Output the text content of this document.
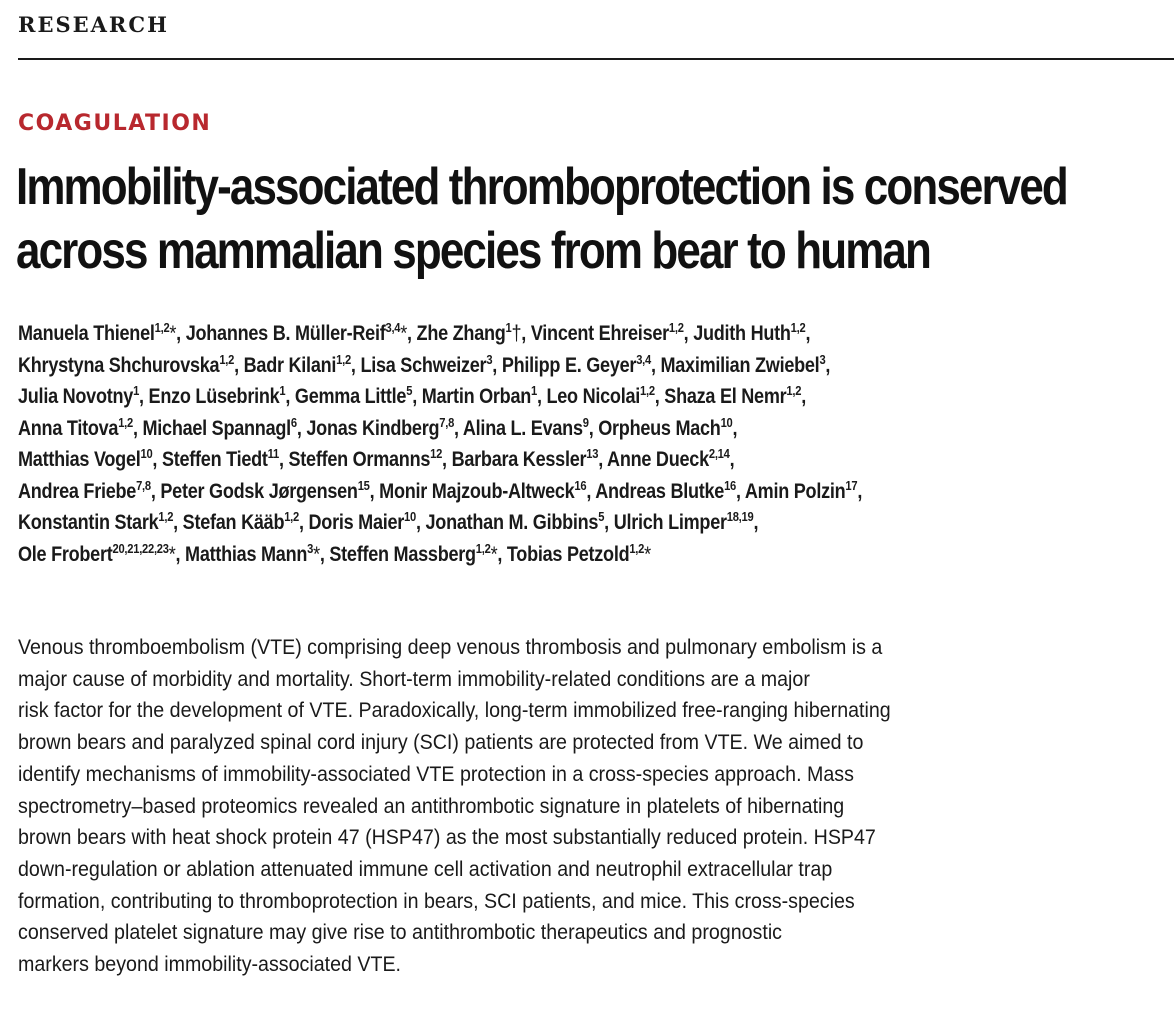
RESEARCH
COAGULATION
Immobility-associated thromboprotection is conserved
across mammalian species from bear to human
Manuela Thienel$^{1,2}$*, Johannes B. Müller-Reif$^{3,4}$*, Zhe Zhang$^1$†, Vincent Ehreiser$^{1,2}$, Judith Huth$^{1,2}$,
Khrystyna Shchurovska$^{1,2}$, Badr Kilani$^{1,2}$, Lisa Schweizer$^3$, Philipp E. Geyer$^{3,4}$, Maximilian Zwiebel$^3$,
Julia Novotny$^1$, Enzo Lüsebrink$^1$, Gemma Little$^5$, Martin Orban$^1$, Leo Nicolai$^{1,2}$, Shaza El Nemr$^{1,2}$,
Anna Titova$^{1,2}$, Michael Spannagl$^6$, Jonas Kindberg$^{7,8}$, Alina L. Evans$^9$, Orpheus Mach$^{10}$,
Matthias Vogel$^{10}$, Steffen Tiedt$^{11}$, Steffen Ormanns$^{12}$, Barbara Kessler$^{13}$, Anne Dueck$^{2,14}$,
Andrea Friebe$^{7,8}$, Peter Godsk Jørgensen$^{15}$, Monir Majzoub-Altweck$^{16}$, Andreas Blutke$^{16}$, Amin Polzin$^{17}$,
Konstantin Stark$^{1,2}$, Stefan Kääb$^{1,2}$, Doris Maier$^{10}$, Jonathan M. Gibbins$^5$, Ulrich Limper$^{18,19}$,
Ole Frobert$^{20,21,22,23}$*, Matthias Mann$^3$*, Steffen Massberg$^{1,2}$*, Tobias Petzold$^{1,2}$*
Venous thromboembolism (VTE) comprising deep venous thrombosis and pulmonary embolism is a
major cause of morbidity and mortality. Short-term immobility-related conditions are a major
risk factor for the development of VTE. Paradoxically, long-term immobilized free-ranging hibernating
brown bears and paralyzed spinal cord injury (SCI) patients are protected from VTE. We aimed to
identify mechanisms of immobility-associated VTE protection in a cross-species approach. Mass
spectrometry–based proteomics revealed an antithrombotic signature in platelets of hibernating
brown bears with heat shock protein 47 (HSP47) as the most substantially reduced protein. HSP47
down-regulation or ablation attenuated immune cell activation and neutrophil extracellular trap
formation, contributing to thromboprotection in bears, SCI patients, and mice. This cross-species
conserved platelet signature may give rise to antithrombotic therapeutics and prognostic
markers beyond immobility-associated VTE.
